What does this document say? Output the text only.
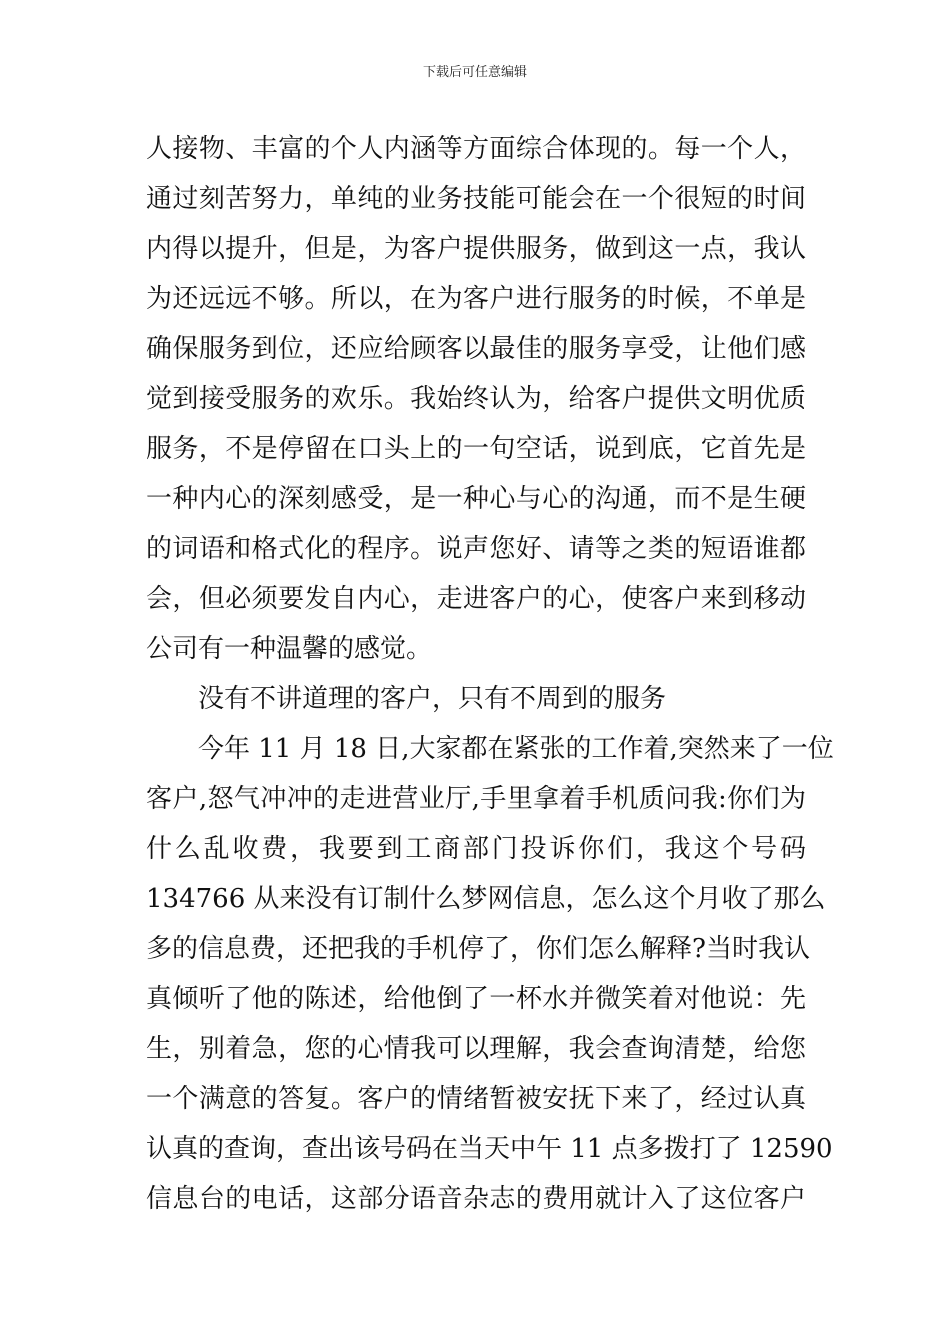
下载后可任意编辑
人接物、丰富的个人内涵等方面综合体现的。每一个人，
通过刻苦努力，单纯的业务技能可能会在一个很短的时间
内得以提升，但是，为客户提供服务，做到这一点，我认
为还远远不够。所以，在为客户进行服务的时候，不单是
确保服务到位，还应给顾客以最佳的服务享受，让他们感
觉到接受服务的欢乐。我始终认为，给客户提供文明优质
服务，不是停留在口头上的一句空话，说到底，它首先是
一种内心的深刻感受，是一种心与心的沟通，而不是生硬
的词语和格式化的程序。说声您好、请等之类的短语谁都
会，但必须要发自内心，走进客户的心，使客户来到移动
公司有一种温馨的感觉。
没有不讲道理的客户，只有不周到的服务
今年 11 月 18 日,大家都在紧张的工作着,突然来了一位
客户,怒气冲冲的走进营业厅,手里拿着手机质问我:你们为
什么乱收费，我要到工商部门投诉你们，我这个号码
134766 从来没有订制什么梦网信息，怎么这个月收了那么
多的信息费，还把我的手机停了，你们怎么解释?当时我认
真倾听了他的陈述，给他倒了一杯水并微笑着对他说：先
生，别着急，您的心情我可以理解，我会查询清楚，给您
一个满意的答复。客户的情绪暂被安抚下来了，经过认真
认真的查询，查出该号码在当天中午 11 点多拨打了 12590
信息台的电话，这部分语音杂志的费用就计入了这位客户
